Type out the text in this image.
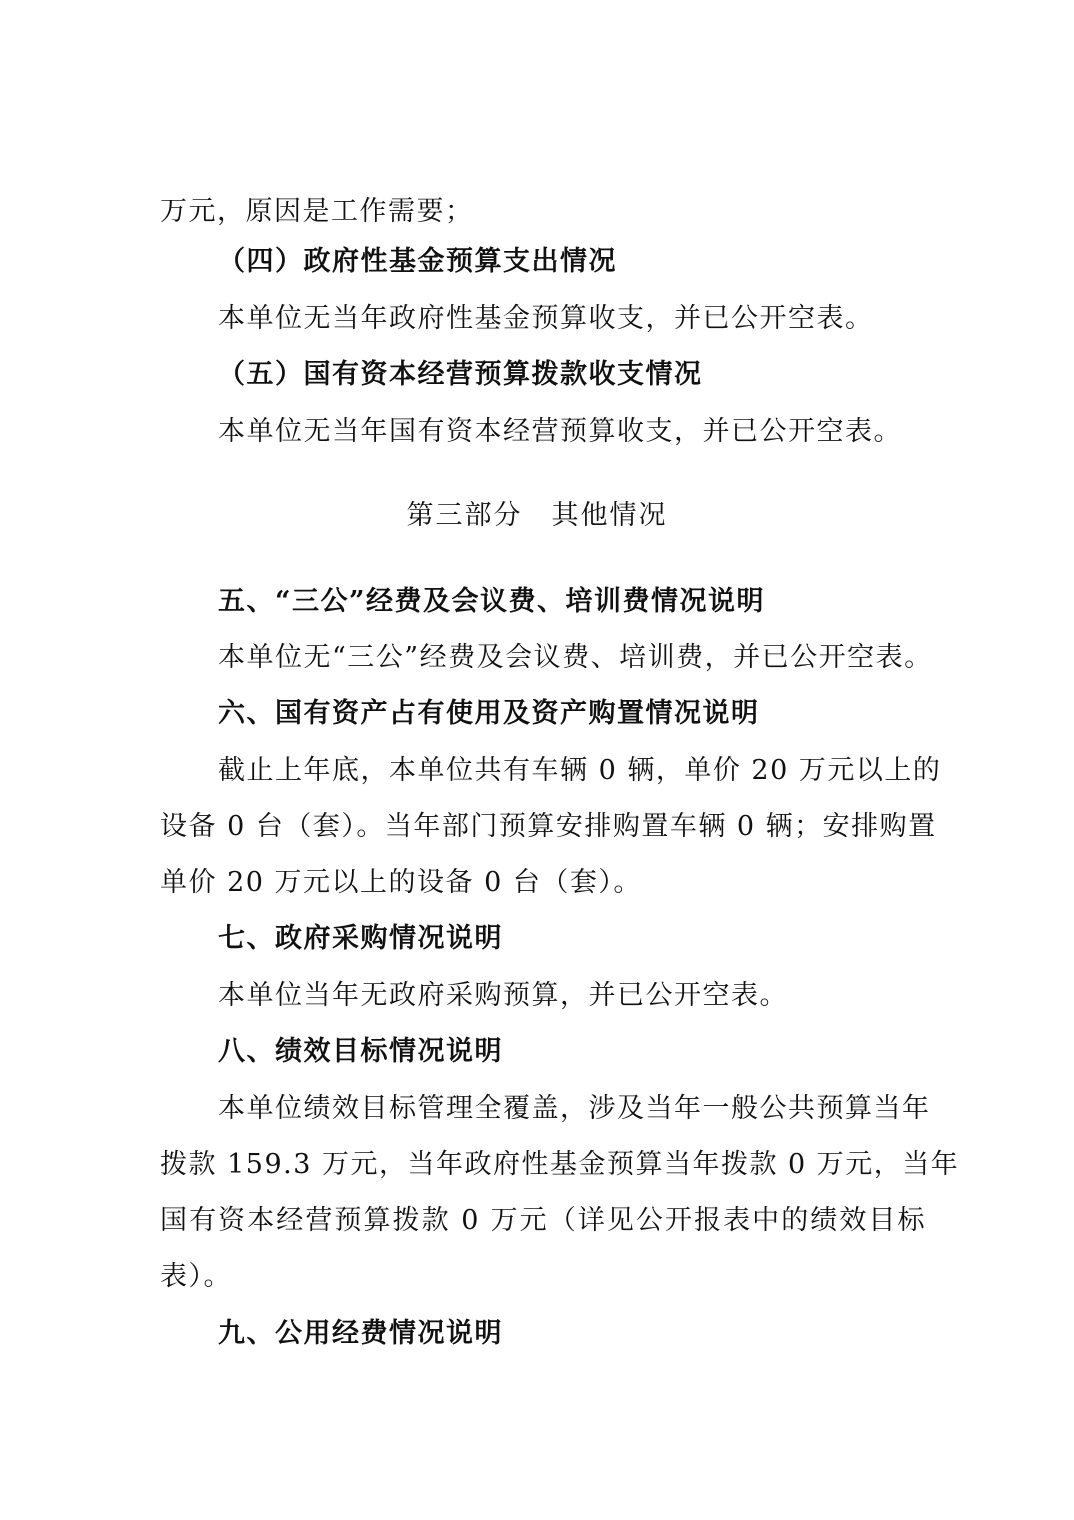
万元，原因是工作需要；
（四）政府性基金预算支出情况
本单位无当年政府性基金预算收支，并已公开空表。
（五）国有资本经营预算拨款收支情况
本单位无当年国有资本经营预算收支，并已公开空表。
第三部分　其他情况
五、“三公”经费及会议费、培训费情况说明
本单位无“三公”经费及会议费、培训费，并已公开空表。
六、国有资产占有使用及资产购置情况说明
截止上年底，本单位共有车辆 0 辆，单价 20 万元以上的
设备 0 台（套）。当年部门预算安排购置车辆 0 辆；安排购置
单价 20 万元以上的设备 0 台（套）。
七、政府采购情况说明
本单位当年无政府采购预算，并已公开空表。
八、绩效目标情况说明
本单位绩效目标管理全覆盖，涉及当年一般公共预算当年
拨款 159.3 万元，当年政府性基金预算当年拨款 0 万元，当年
国有资本经营预算拨款 0 万元（详见公开报表中的绩效目标
表）。
九、公用经费情况说明
